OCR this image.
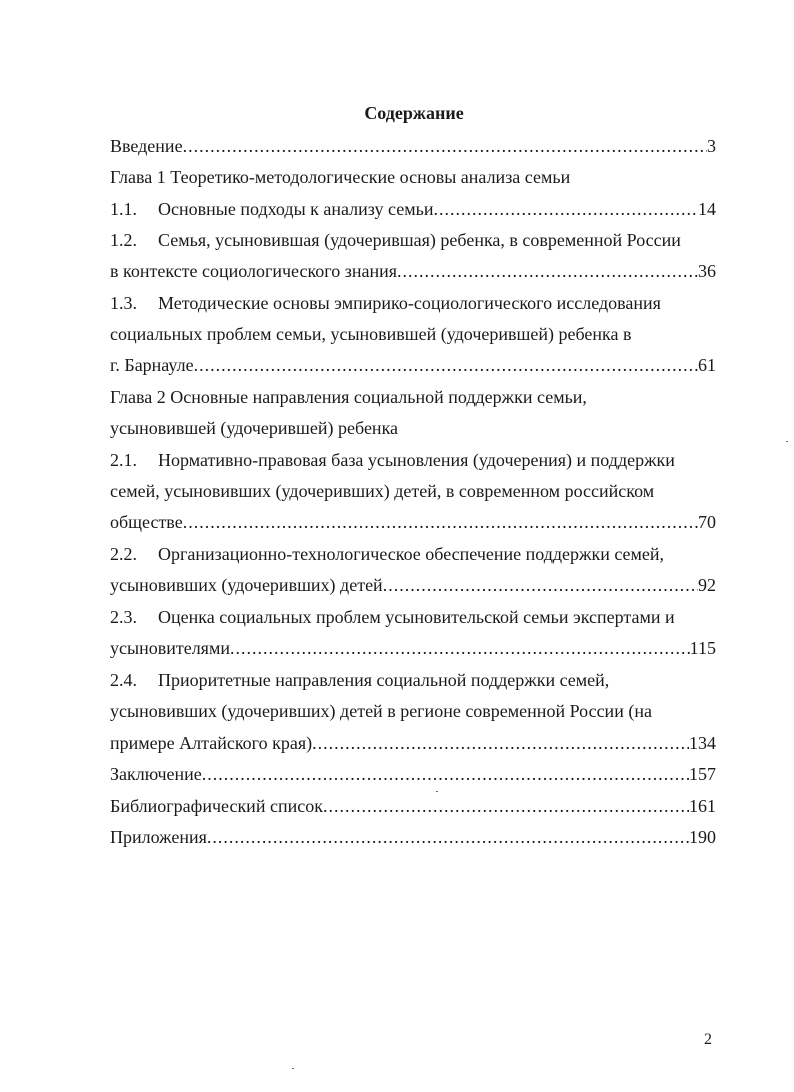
Содержание
Введение .....	3
Глава 1 Теоретико-методологические основы анализа семьи
1.1.	Основные подходы к анализу семьи .....	14
1.2. Семья, усыновившая (удочерившая) ребенка, в современной России
в контексте социологического знания .....	36
1.3. Методические основы эмпирико-социологического исследования
социальных проблем семьи, усыновившей (удочерившей) ребенка в
г. Барнауле .....	61
Глава 2 Основные направления социальной поддержки семьи,
усыновившей (удочерившей) ребенка
2.1. Нормативно-правовая база усыновления (удочерения) и поддержки
семей, усыновивших (удочеривших) детей, в современном российском
обществе .....	70
2.2. Организационно-технологическое обеспечение поддержки семей,
усыновивших (удочеривших) детей .....	92
2.3. Оценка социальных проблем усыновительской семьи экспертами и
усыновителями .....	115
2.4. Приоритетные направления социальной поддержки семей,
усыновивших (удочеривших) детей в регионе современной России (на
примере Алтайского края) .....	134
Заключение .....	157
Библиографический список .....	161
Приложения .....	190
2
